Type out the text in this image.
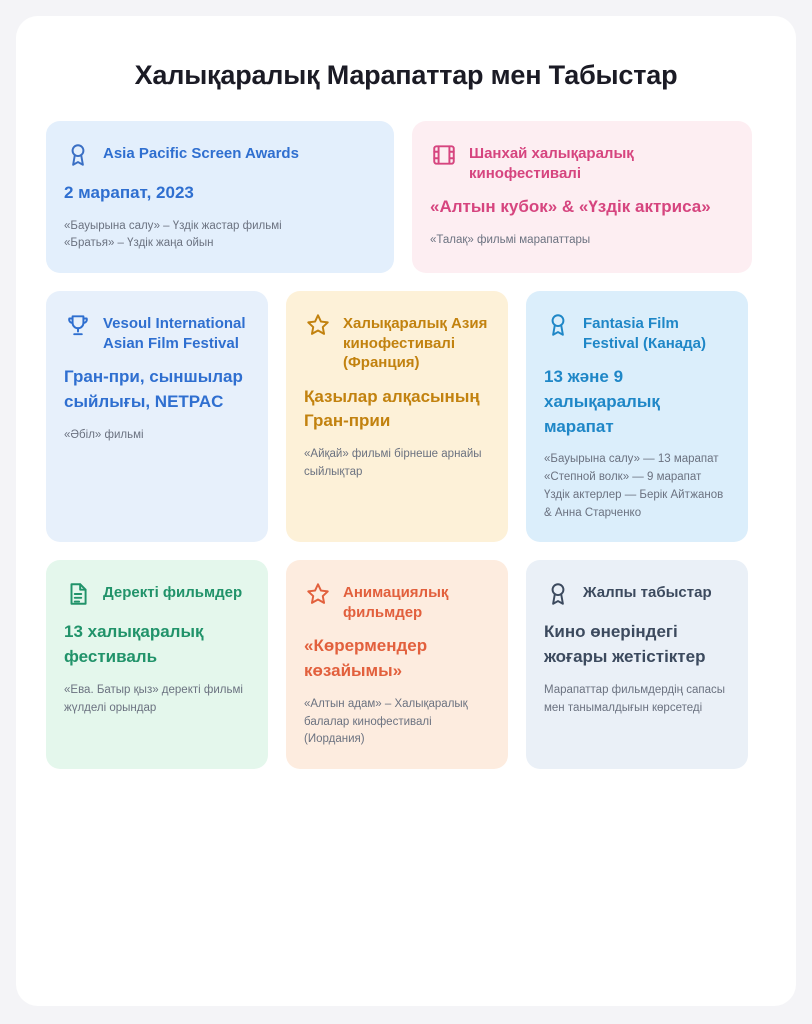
Халықаралық Марапаттар мен Табыстар
Asia Pacific Screen Awards
2 марапат, 2023
«Бауырына салу» – Үздік жастар фильмі
«Братья» – Үздік жаңа ойын
Шанхай халықаралық кинофестивалі
«Алтын кубок» & «Үздік актриса»
«Талақ» фильмі марапаттары
Vesoul International Asian Film Festival
Гран-при, сыншылар сыйлығы, NETPAC
«Әбіл» фильмі
Халықаралық Азия кинофестивалі (Франция)
Қазылар алқасының Гран-прии
«Айқай» фильмі бірнеше арнайы сыйлықтар
Fantasia Film Festival (Канада)
13 және 9 халықаралық марапат
«Бауырына салу» — 13 марапат
«Степной волк» — 9 марапат
Үздік актерлер — Берік Айтжанов & Анна Старченко
Деректі фильмдер
13 халықаралық фестиваль
«Ева. Батыр қыз» деректі фильмі жүлделі орындар
Анимациялық фильмдер
«Көрермендер көзайымы»
«Алтын адам» – Халықаралық балалар кинофестивалі (Иордания)
Жалпы табыстар
Кино өнеріндегі жоғары жетістіктер
Марапаттар фильмдердің сапасы мен танымалдығын көрсетеді
